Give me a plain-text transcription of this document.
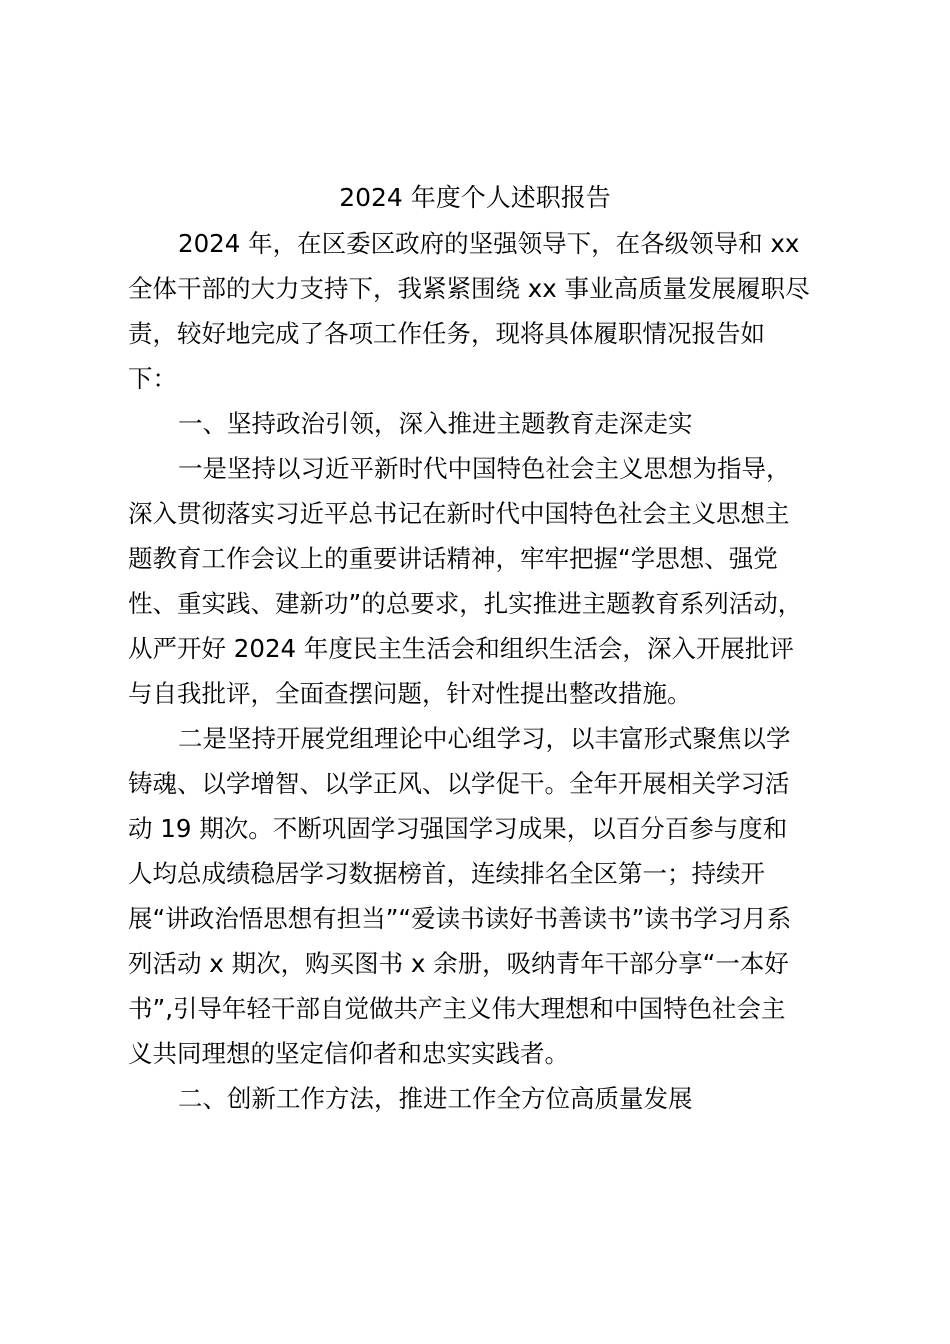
2024 年度个人述职报告
2024 年，在区委区政府的坚强领导下，在各级领导和 xx
全体干部的大力支持下，我紧紧围绕 xx 事业高质量发展履职尽
责，较好地完成了各项工作任务，现将具体履职情况报告如
下：
一、坚持政治引领，深入推进主题教育走深走实
一是坚持以习近平新时代中国特色社会主义思想为指导，
深入贯彻落实习近平总书记在新时代中国特色社会主义思想主
题教育工作会议上的重要讲话精神，牢牢把握“学思想、强党
性、重实践、建新功”的总要求，扎实推进主题教育系列活动，
从严开好 2024 年度民主生活会和组织生活会，深入开展批评
与自我批评，全面查摆问题，针对性提出整改措施。
二是坚持开展党组理论中心组学习，以丰富形式聚焦以学
铸魂、以学增智、以学正风、以学促干。全年开展相关学习活
动 19 期次。不断巩固学习强国学习成果，以百分百参与度和
人均总成绩稳居学习数据榜首，连续排名全区第一；持续开
展“讲政治悟思想有担当”“爱读书读好书善读书”读书学习月系
列活动 x 期次，购买图书 x 余册，吸纳青年干部分享“一本好
书”,引导年轻干部自觉做共产主义伟大理想和中国特色社会主
义共同理想的坚定信仰者和忠实实践者。
二、创新工作方法，推进工作全方位高质量发展
